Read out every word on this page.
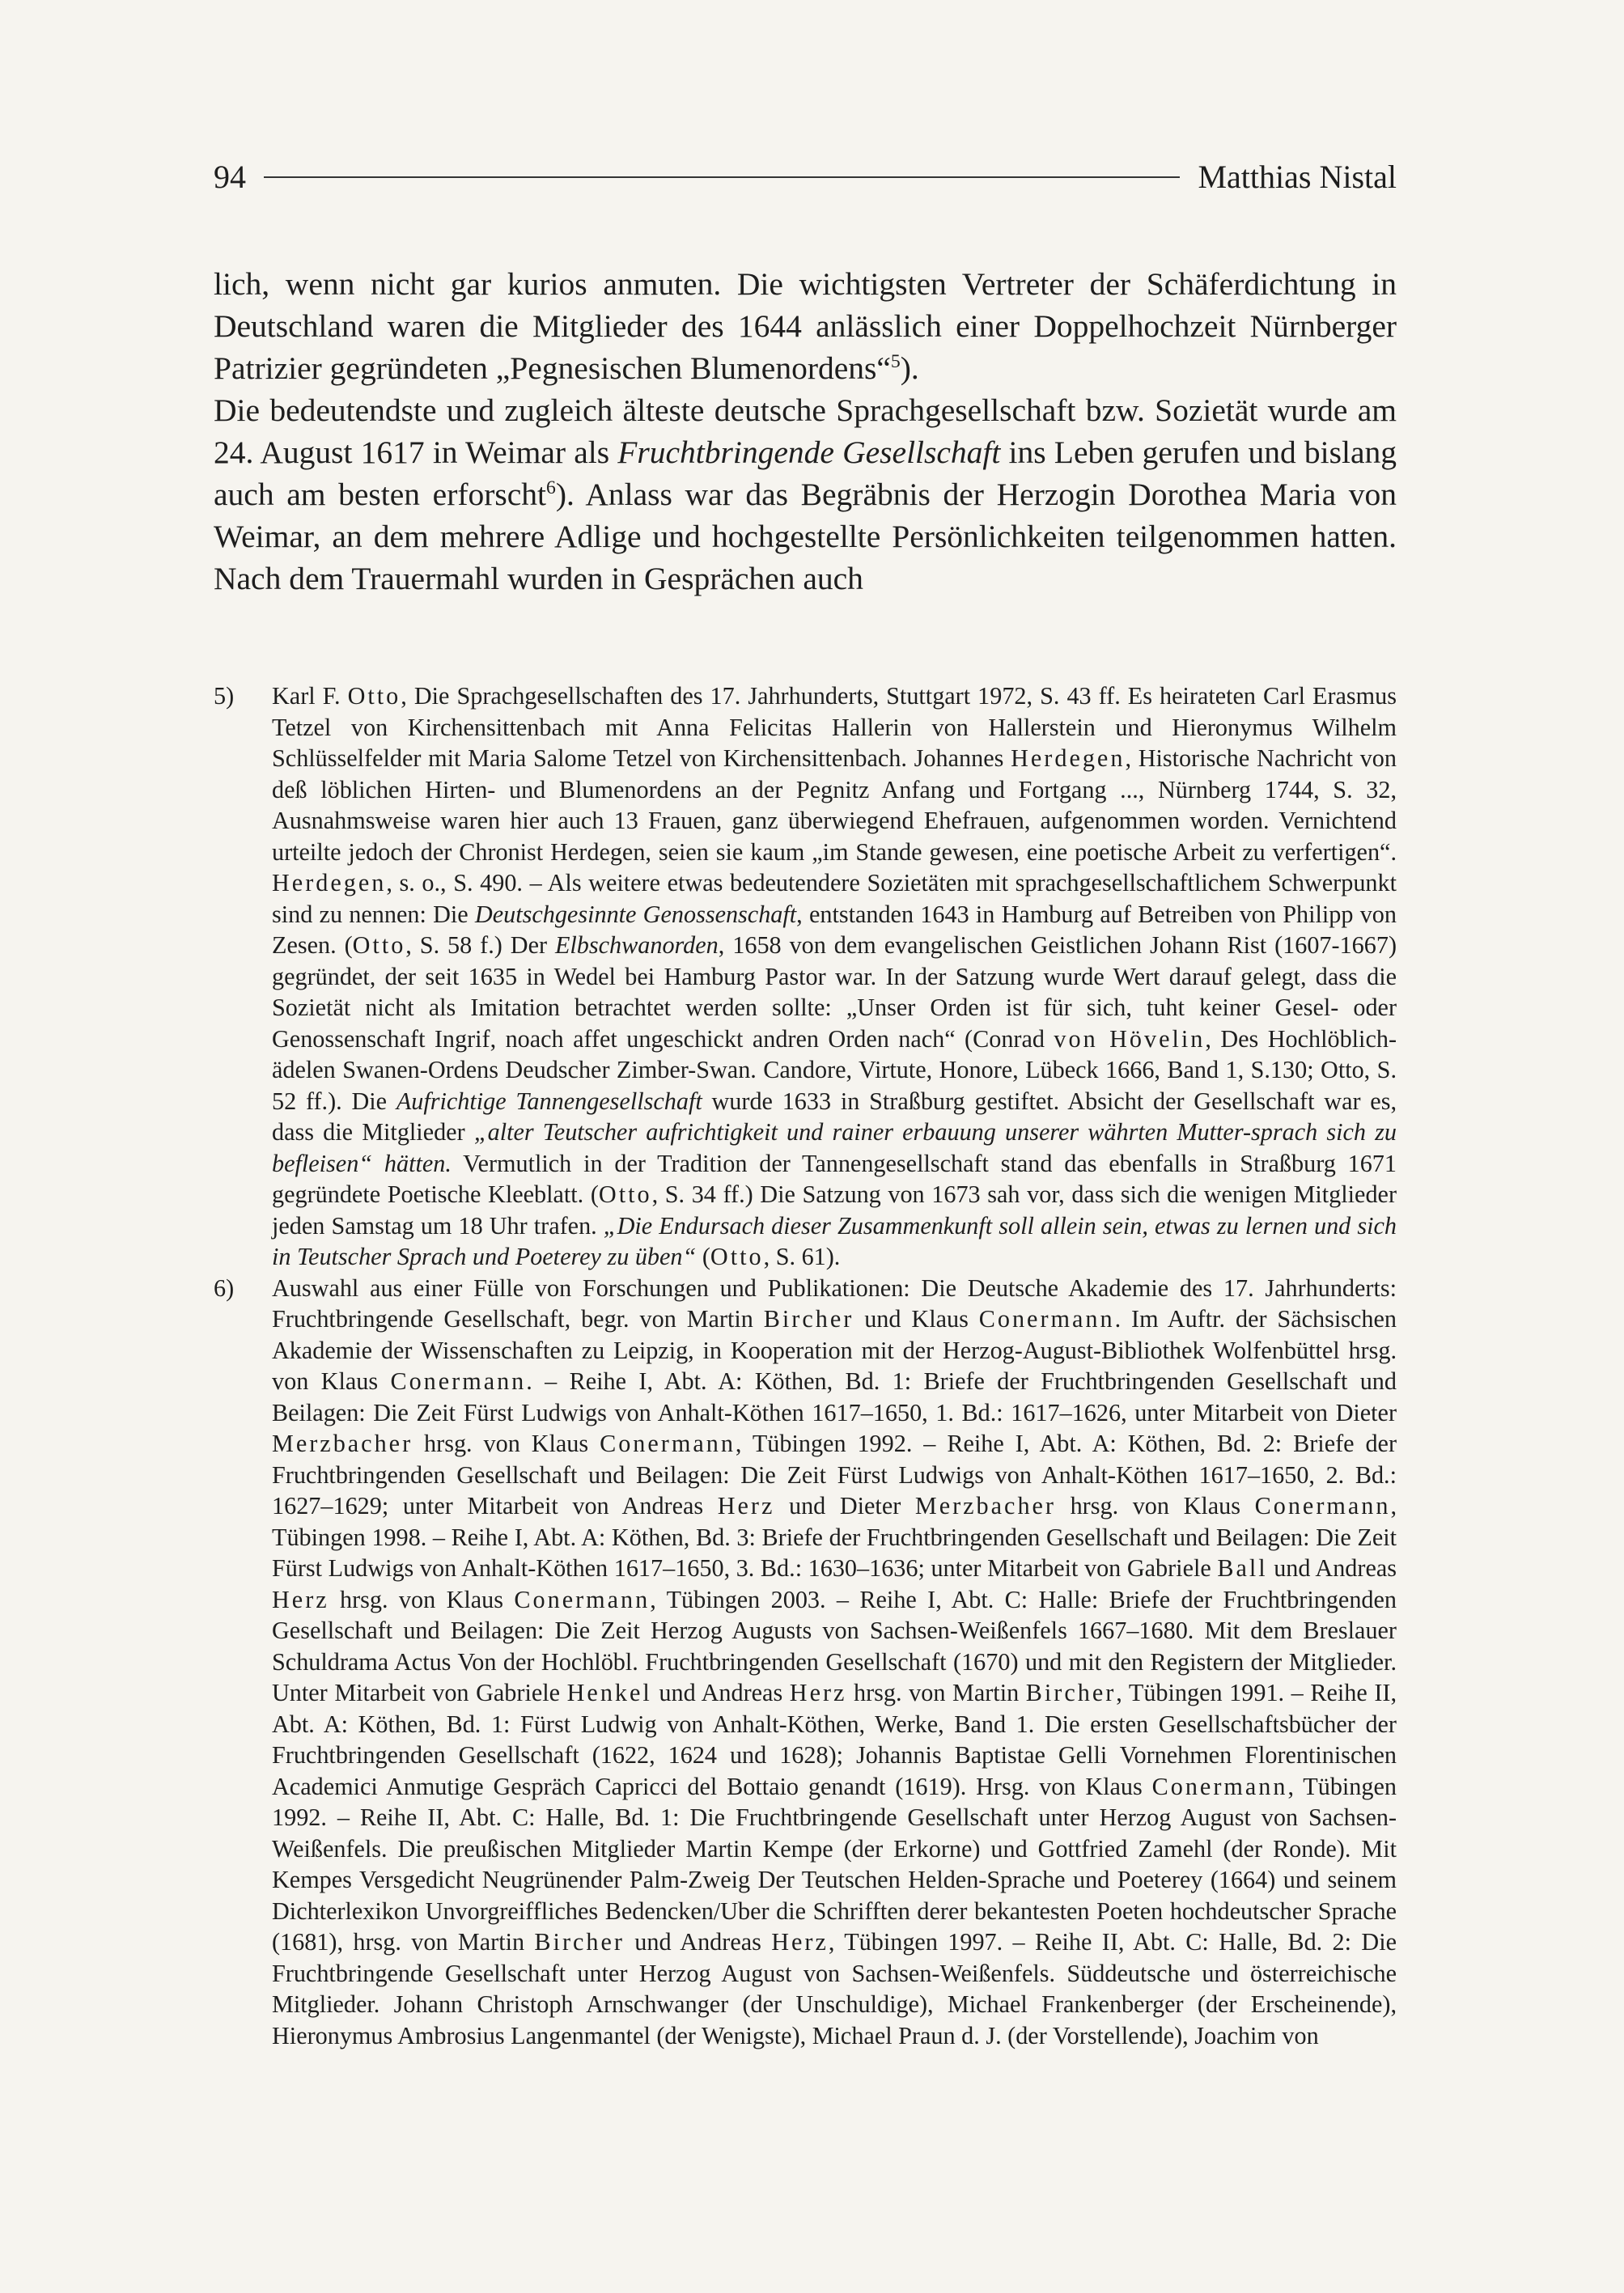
94	Matthias Nistal

lich, wenn nicht gar kurios anmuten. Die wichtigsten Vertreter der Schäferdichtung in Deutschland waren die Mitglieder des 1644 anlässlich einer Doppelhochzeit Nürnberger Patrizier gegründeten „Pegnesischen Blumenordens“$^5$).

Die bedeutendste und zugleich älteste deutsche Sprachgesellschaft bzw. Sozietät wurde am 24. August 1617 in Weimar als Fruchtbringende Gesellschaft ins Leben gerufen und bislang auch am besten erforscht$^6$). Anlass war das Begräbnis der Herzogin Dorothea Maria von Weimar, an dem mehrere Adlige und hochgestellte Persönlichkeiten teilgenommen hatten. Nach dem Trauermahl wurden in Gesprächen auch

5)	Karl F. Otto, Die Sprachgesellschaften des 17. Jahrhunderts, Stuttgart 1972, S. 43 ff. Es heirateten Carl Erasmus Tetzel von Kirchensittenbach mit Anna Felicitas Hallerin von Hallerstein und Hieronymus Wilhelm Schlüsselfelder mit Maria Salome Tetzel von Kirchensittenbach. Johannes Herdegen, Historische Nachricht von deß löblichen Hirten- und Blumenordens an der Pegnitz Anfang und Fortgang ..., Nürnberg 1744, S. 32, Ausnahmsweise waren hier auch 13 Frauen, ganz überwiegend Ehefrauen, aufgenommen worden. Vernichtend urteilte jedoch der Chronist Herdegen, seien sie kaum „im Stande gewesen, eine poetische Arbeit zu verfertigen“. Herdegen, s. o., S. 490. – Als weitere etwas bedeutendere Sozietäten mit sprachgesellschaftlichem Schwerpunkt sind zu nennen: Die Deutschgesinnte Genossenschaft, entstanden 1643 in Hamburg auf Betreiben von Philipp von Zesen. (Otto, S. 58 f.) Der Elbschwanorden, 1658 von dem evangelischen Geistlichen Johann Rist (1607-1667) gegründet, der seit 1635 in Wedel bei Hamburg Pastor war. In der Satzung wurde Wert darauf gelegt, dass die Sozietät nicht als Imitation betrachtet werden sollte: „Unser Orden ist für sich, tuht keiner Gesel- oder Genossenschaft Ingrif, noach affet ungeschickt andren Orden nach“ (Conrad von Hövelin, Des Hochlöblich-ädelen Swanen-Ordens Deudscher Zimber-Swan. Candore, Virtute, Honore, Lübeck 1666, Band 1, S.130; Otto, S. 52 ff.). Die Aufrichtige Tannengesellschaft wurde 1633 in Straßburg gestiftet. Absicht der Gesellschaft war es, dass die Mitglieder „alter Teutscher aufrichtigkeit und rainer erbauung unserer währten Mutter-sprach sich zu befleisen“ hätten. Vermutlich in der Tradition der Tannengesellschaft stand das ebenfalls in Straßburg 1671 gegründete Poetische Kleeblatt. (Otto, S. 34 ff.) Die Satzung von 1673 sah vor, dass sich die wenigen Mitglieder jeden Samstag um 18 Uhr trafen. „Die Endursach dieser Zusammenkunft soll allein sein, etwas zu lernen und sich in Teutscher Sprach und Poeterey zu üben“ (Otto, S. 61).
6)	Auswahl aus einer Fülle von Forschungen und Publikationen: Die Deutsche Akademie des 17. Jahrhunderts: Fruchtbringende Gesellschaft, begr. von Martin Bircher und Klaus Conermann. Im Auftr. der Sächsischen Akademie der Wissenschaften zu Leipzig, in Kooperation mit der Herzog-August-Bibliothek Wolfenbüttel hrsg. von Klaus Conermann. – Reihe I, Abt. A: Köthen, Bd. 1: Briefe der Fruchtbringenden Gesellschaft und Beilagen: Die Zeit Fürst Ludwigs von Anhalt-Köthen 1617–1650, 1. Bd.: 1617–1626, unter Mitarbeit von Dieter Merzbacher hrsg. von Klaus Conermann, Tübingen 1992. – Reihe I, Abt. A: Köthen, Bd. 2: Briefe der Fruchtbringenden Gesellschaft und Beilagen: Die Zeit Fürst Ludwigs von Anhalt-Köthen 1617–1650, 2. Bd.: 1627–1629; unter Mitarbeit von Andreas Herz und Dieter Merzbacher hrsg. von Klaus Conermann, Tübingen 1998. – Reihe I, Abt. A: Köthen, Bd. 3: Briefe der Fruchtbringenden Gesellschaft und Beilagen: Die Zeit Fürst Ludwigs von Anhalt-Köthen 1617–1650, 3. Bd.: 1630–1636; unter Mitarbeit von Gabriele Ball und Andreas Herz hrsg. von Klaus Conermann, Tübingen 2003. – Reihe I, Abt. C: Halle: Briefe der Fruchtbringenden Gesellschaft und Beilagen: Die Zeit Herzog Augusts von Sachsen-Weißenfels 1667–1680. Mit dem Breslauer Schuldrama Actus Von der Hochlöbl. Fruchtbringenden Gesellschaft (1670) und mit den Registern der Mitglieder. Unter Mitarbeit von Gabriele Henkel und Andreas Herz hrsg. von Martin Bircher, Tübingen 1991. – Reihe II, Abt. A: Köthen, Bd. 1: Fürst Ludwig von Anhalt-Köthen, Werke, Band 1. Die ersten Gesellschaftsbücher der Fruchtbringenden Gesellschaft (1622, 1624 und 1628); Johannis Baptistae Gelli Vornehmen Florentinischen Academici Anmutige Gespräch Capricci del Bottaio genandt (1619). Hrsg. von Klaus Conermann, Tübingen 1992. – Reihe II, Abt. C: Halle, Bd. 1: Die Fruchtbringende Gesellschaft unter Herzog August von Sachsen-Weißenfels. Die preußischen Mitglieder Martin Kempe (der Erkorne) und Gottfried Zamehl (der Ronde). Mit Kempes Versgedicht Neugrünender Palm-Zweig Der Teutschen Helden-Sprache und Poeterey (1664) und seinem Dichterlexikon Unvorgreiffliches Bedencken/Uber die Schrifften derer bekantesten Poeten hochdeutscher Sprache (1681), hrsg. von Martin Bircher und Andreas Herz, Tübingen 1997. – Reihe II, Abt. C: Halle, Bd. 2: Die Fruchtbringende Gesellschaft unter Herzog August von Sachsen-Weißenfels. Süddeutsche und österreichische Mitglieder. Johann Christoph Arnschwanger (der Unschuldige), Michael Frankenberger (der Erscheinende), Hieronymus Ambrosius Langenmantel (der Wenigste), Michael Praun d. J. (der Vorstellende), Joachim von
